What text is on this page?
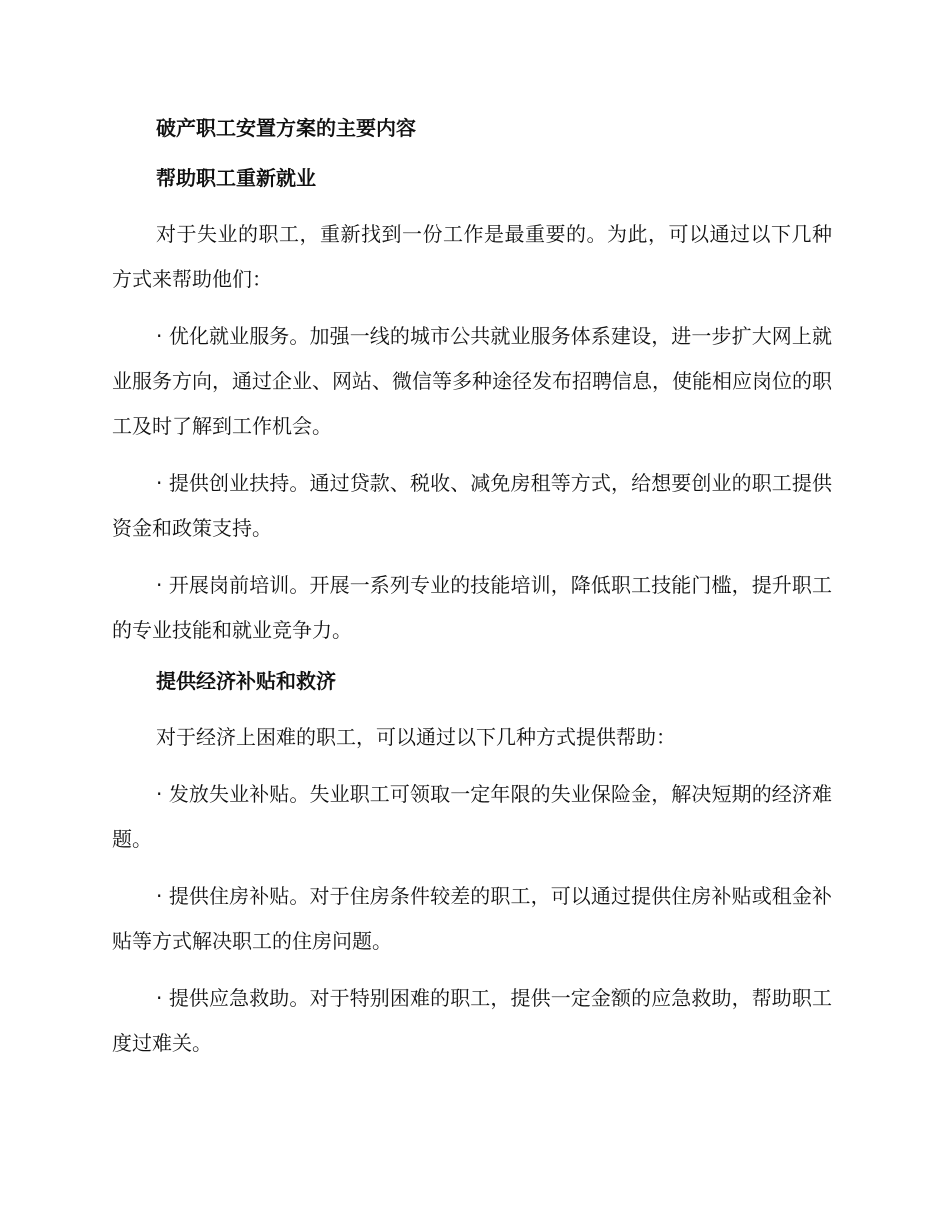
破产职工安置方案的主要内容
帮助职工重新就业

对于失业的职工，重新找到一份工作是最重要的。为此，可以通过以下几种方式来帮助他们：

· 优化就业服务。加强一线的城市公共就业服务体系建设，进一步扩大网上就业服务方向，通过企业、网站、微信等多种途径发布招聘信息，使能相应岗位的职工及时了解到工作机会。

· 提供创业扶持。通过贷款、税收、减免房租等方式，给想要创业的职工提供资金和政策支持。

· 开展岗前培训。开展一系列专业的技能培训，降低职工技能门槛，提升职工的专业技能和就业竞争力。

提供经济补贴和救济

对于经济上困难的职工，可以通过以下几种方式提供帮助：

· 发放失业补贴。失业职工可领取一定年限的失业保险金，解决短期的经济难题。

· 提供住房补贴。对于住房条件较差的职工，可以通过提供住房补贴或租金补贴等方式解决职工的住房问题。

· 提供应急救助。对于特别困难的职工，提供一定金额的应急救助，帮助职工度过难关。
